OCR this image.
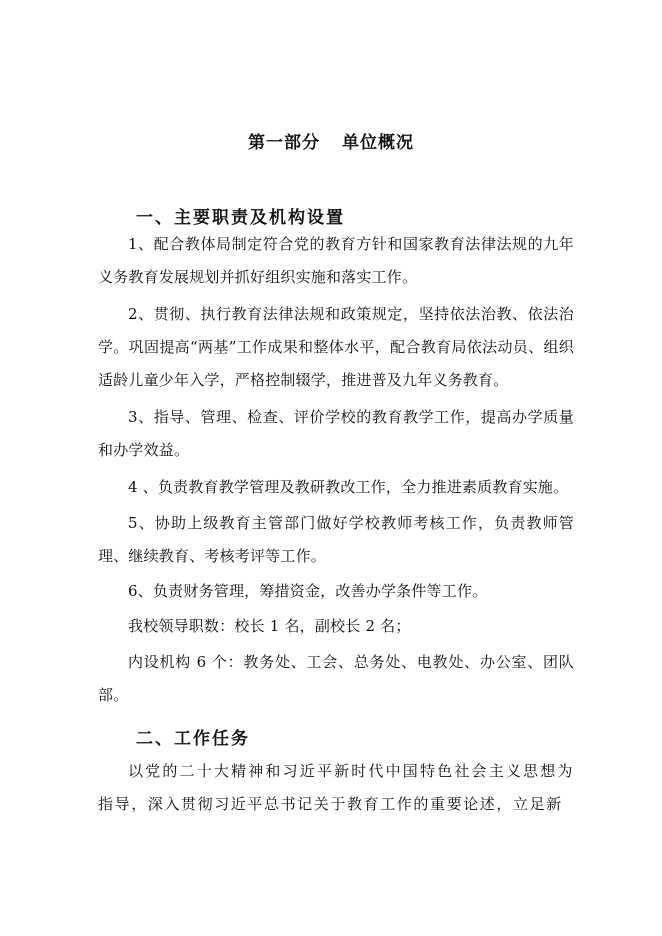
第一部分 单位概况
一、主要职责及机构设置
1、配合教体局制定符合党的教育方针和国家教育法律法规的九年义务教育发展规划并抓好组织实施和落实工作。
2、贯彻、执行教育法律法规和政策规定，坚持依法治教、依法治学。巩固提高“两基”工作成果和整体水平，配合教育局依法动员、组织适龄儿童少年入学，严格控制辍学，推进普及九年义务教育。
3、指导、管理、检查、评价学校的教育教学工作，提高办学质量和办学效益。
4 、负责教育教学管理及教研教改工作，全力推进素质教育实施。
5、协助上级教育主管部门做好学校教师考核工作，负责教师管理、继续教育、考核考评等工作。
6、负责财务管理，筹措资金，改善办学条件等工作。
我校领导职数：校长 1 名，副校长 2 名；
内设机构 6 个：教务处、工会、总务处、电教处、办公室、团队部。
二、工作任务
以党的二十大精神和习近平新时代中国特色社会主义思想为指导，深入贯彻习近平总书记关于教育工作的重要论述，立足新
